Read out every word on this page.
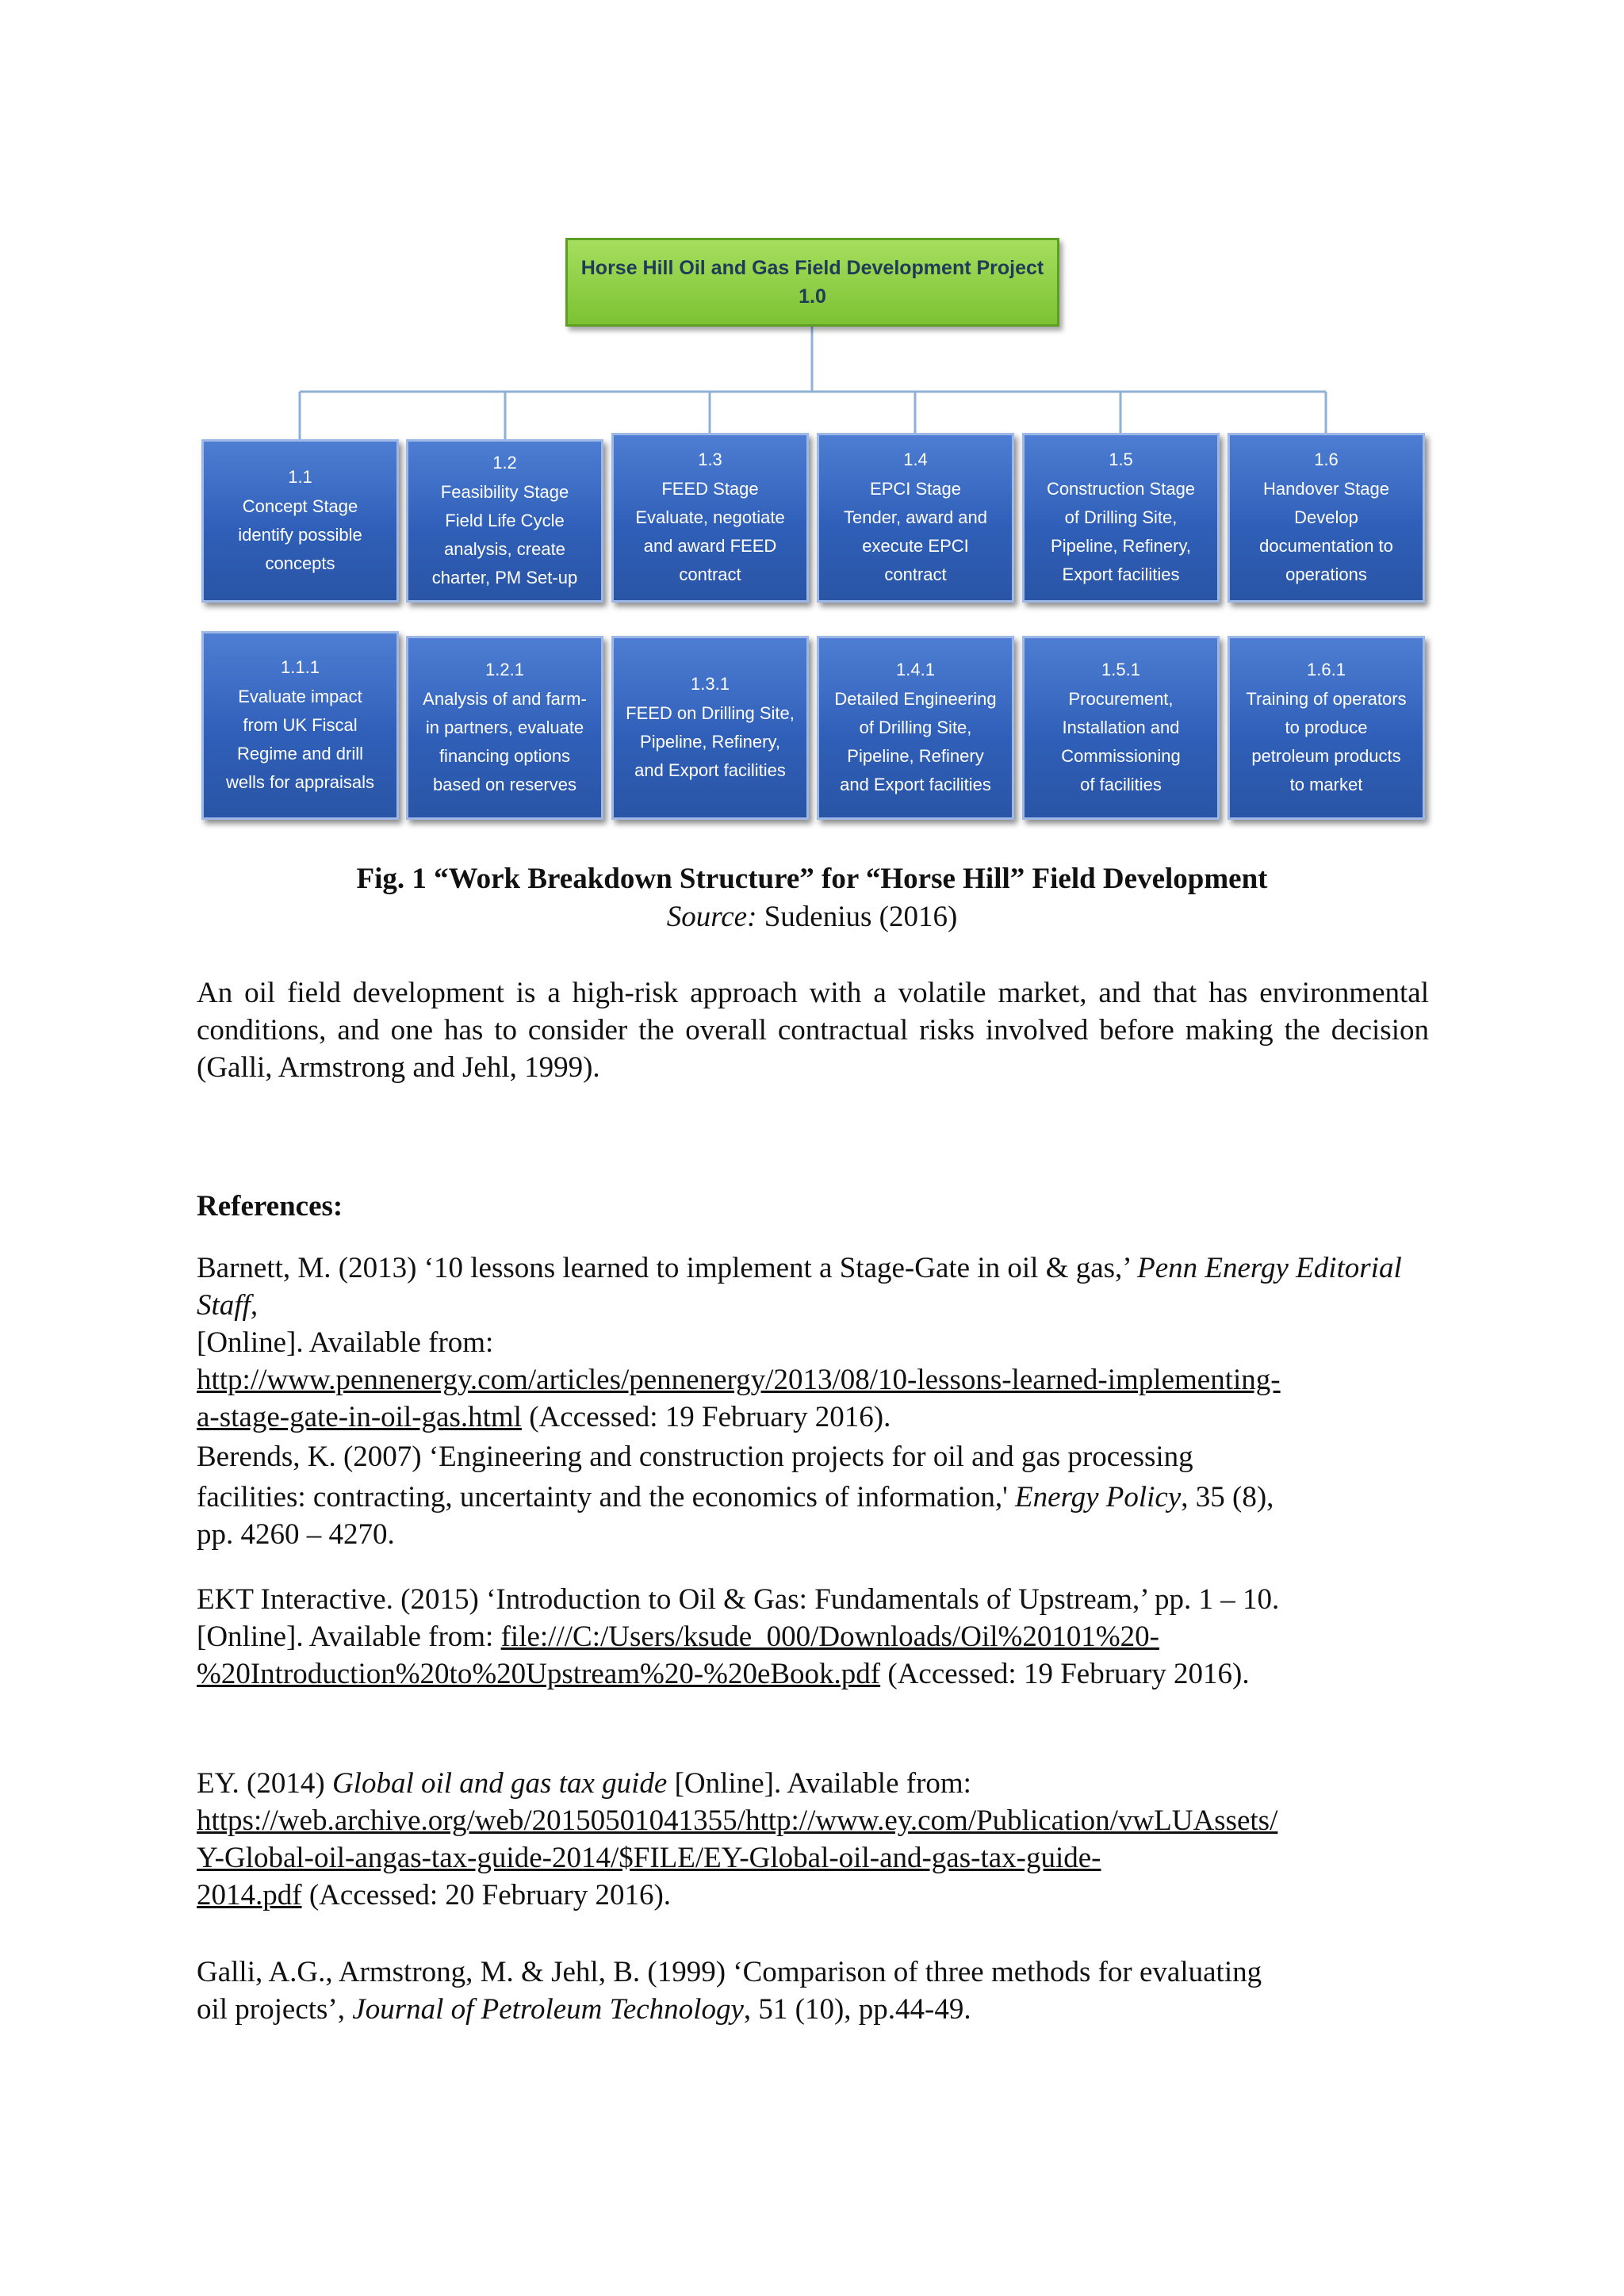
Horse Hill Oil and Gas Field Development Project
1.0
1.1
Concept Stage
identify possible
concepts
1.2
Feasibility Stage
Field Life Cycle
analysis, create
charter, PM Set-up
1.3
FEED Stage
Evaluate, negotiate
and award FEED
contract
1.4
EPCI Stage
Tender, award and
execute EPCI
contract
1.5
Construction Stage
of Drilling Site,
Pipeline, Refinery,
Export facilities
1.6
Handover Stage
Develop
documentation to
operations
1.1.1
Evaluate impact
from UK Fiscal
Regime and drill
wells for appraisals
1.2.1
Analysis of and farm-
in partners, evaluate
financing options
based on reserves
1.3.1
FEED on Drilling Site,
Pipeline, Refinery,
and Export facilities
1.4.1
Detailed Engineering
of Drilling Site,
Pipeline, Refinery
and Export facilities
1.5.1
Procurement,
Installation and
Commissioning
of facilities
1.6.1
Training of operators
to produce
petroleum products
to market
Fig. 1 “Work Breakdown Structure” for “Horse Hill” Field Development
Source: Sudenius (2016)
An oil field development is a high-risk approach with a volatile market, and that has environmental conditions, and one has to consider the overall contractual risks involved before making the decision (Galli, Armstrong and Jehl, 1999).
References:
Barnett, M. (2013) ‘10 lessons learned to implement a Stage-Gate in oil & gas,’ Penn Energy Editorial Staff,
[Online]. Available from:
http://www.pennenergy.com/articles/pennenergy/2013/08/10-lessons-learned-implementing-
a-stage-gate-in-oil-gas.html (Accessed: 19 February 2016).
Berends, K. (2007) ‘Engineering and construction projects for oil and gas processing
facilities: contracting, uncertainty and the economics of information,' Energy Policy, 35 (8),
pp. 4260 – 4270.
EKT Interactive. (2015) ‘Introduction to Oil & Gas: Fundamentals of Upstream,’ pp. 1 – 10.
[Online]. Available from: file:///C:/Users/ksude_000/Downloads/Oil%20101%20-
%20Introduction%20to%20Upstream%20-%20eBook.pdf (Accessed: 19 February 2016).
EY. (2014) Global oil and gas tax guide [Online]. Available from:
https://web.archive.org/web/20150501041355/http://www.ey.com/Publication/vwLUAssets/
Y-Global-oil-angas-tax-guide-2014/$FILE/EY-Global-oil-and-gas-tax-guide-
2014.pdf (Accessed: 20 February 2016).
Galli, A.G., Armstrong, M. & Jehl, B. (1999) ‘Comparison of three methods for evaluating
oil projects’, Journal of Petroleum Technology, 51 (10), pp.44-49.
